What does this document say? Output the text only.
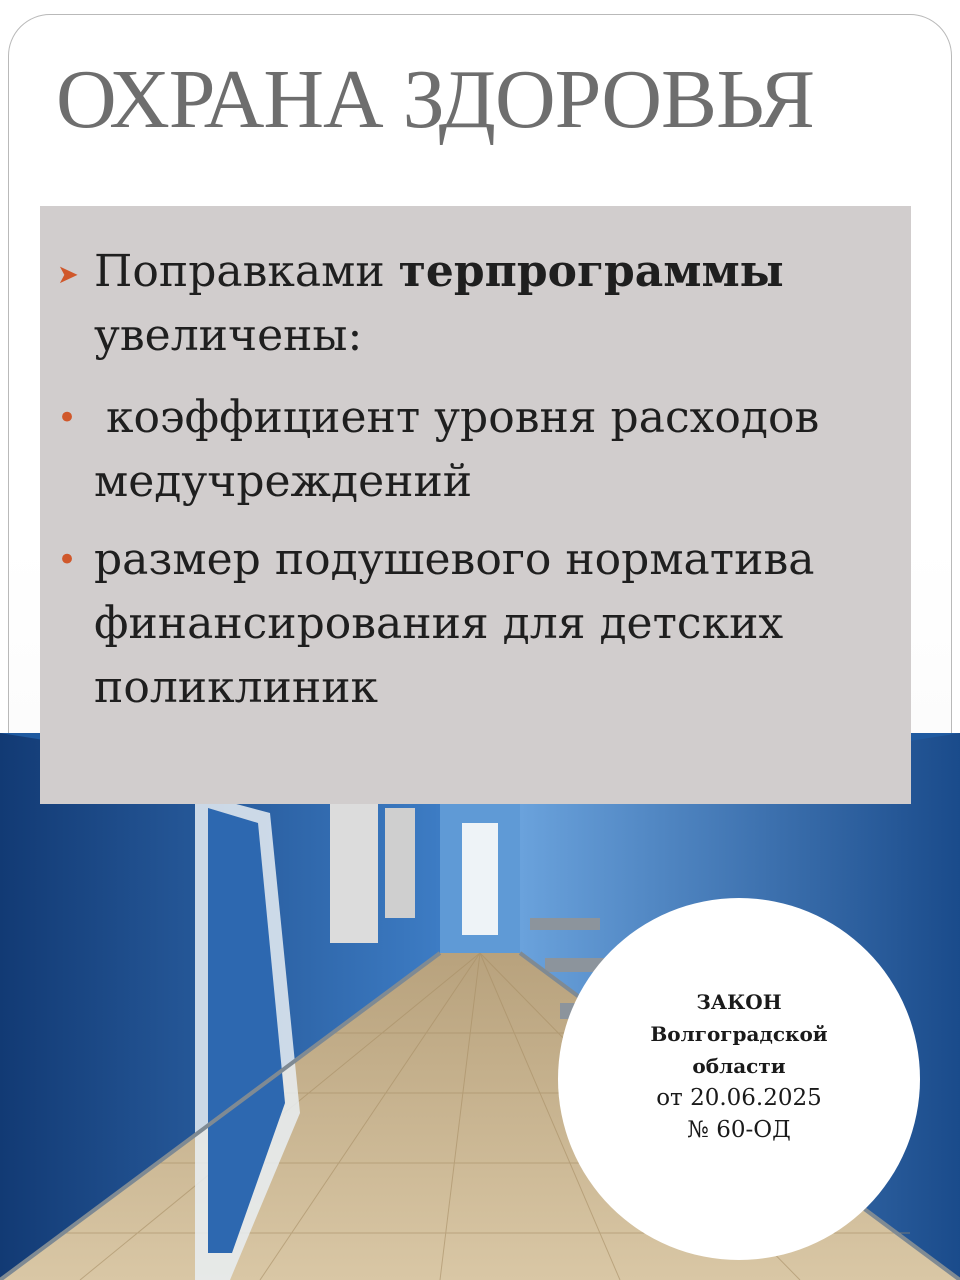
ОХРАНА ЗДОРОВЬЯ
➤ Поправками терпрограммы

увеличены:

• коэффициент уровня расходов

медучреждений

• размер подушевого норматива

финансирования для детских

поликлиник

ЗАКОН
Волгоградской
области
от 20.06.2025
№ 60-ОД
